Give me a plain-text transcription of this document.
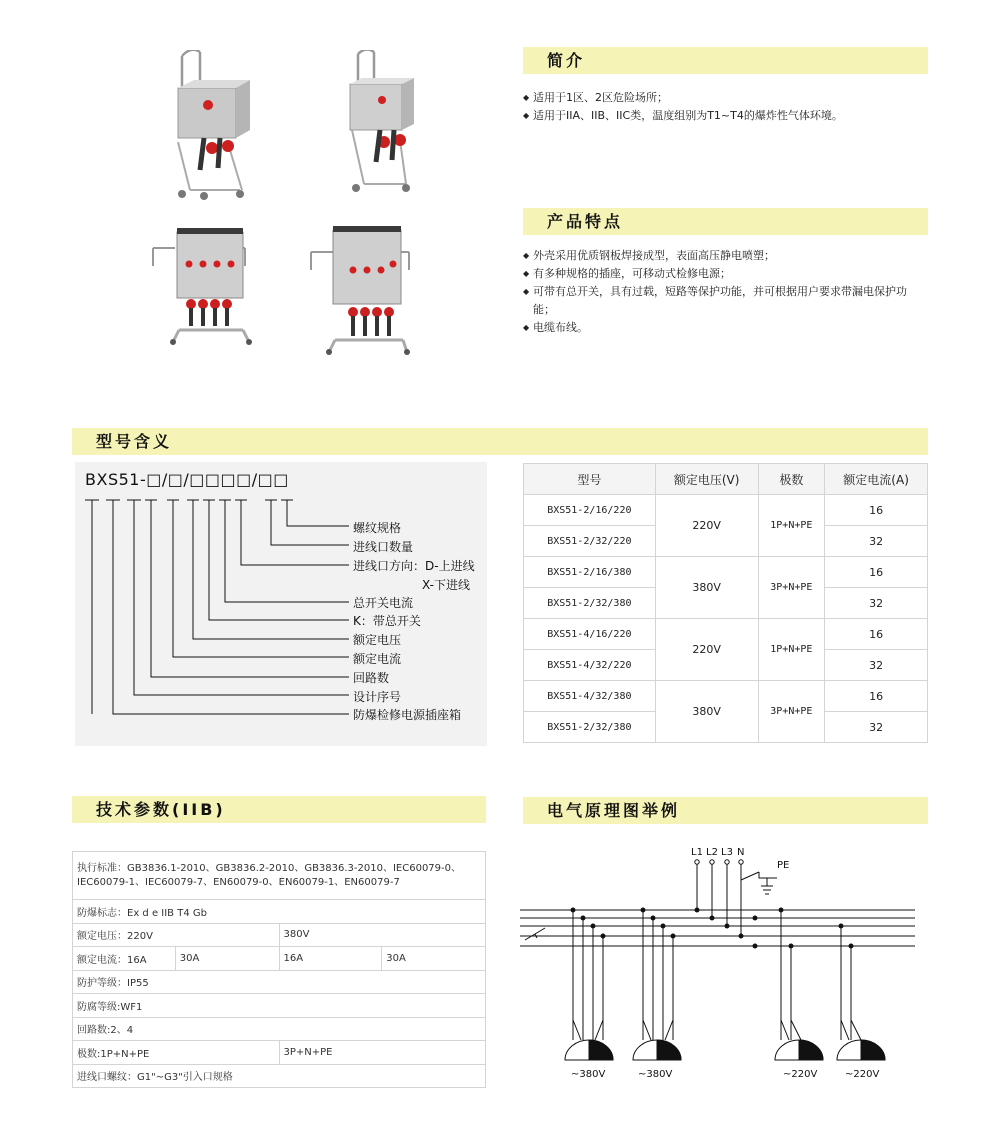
简介
◆ 适用于1区、2区危险场所；
◆ 适用于IIA、IIB、IIC类，温度组别为T1~T4的爆炸性气体环境。
产品特点
◆ 外壳采用优质钢板焊接成型，表面高压静电喷塑；
◆ 有多种规格的插座，可移动式检修电源；
◆ 可带有总开关，具有过载，短路等保护功能，并可根据用户要求带漏电保护功能；
◆ 电缆布线。
型号含义
BXS51-□/□/□□□□/□□
螺纹规格
进线口数量
进线口方向：D-上进线
X-下进线
总开关电流
K：带总开关
额定电压
额定电流
回路数
设计序号
防爆检修电源插座箱
型号	额定电压(V)	极数	额定电流(A)
BXS51-2/16/220	220V	1P+N+PE	16
BXS51-2/32/220			32
BXS51-2/16/380	380V	3P+N+PE	16
BXS51-2/32/380			32
BXS51-4/16/220	220V	1P+N+PE	16
BXS51-4/32/220			32
BXS51-4/32/380	380V	3P+N+PE	16
BXS51-2/32/380			32
技术参数(IIB)
执行标准：GB3836.1-2010、GB3836.2-2010、GB3836.3-2010、IEC60079-0、IEC60079-1、IEC60079-7、EN60079-0、EN60079-1、EN60079-7			
防爆标志：Ex d e IIB T4 Gb			
额定电压：220V		380V	
额定电流：16A	30A	16A	30A
防护等级：IP55			
防腐等级:WF1			
回路数:2、4			
极数:1P+N+PE		3P+N+PE	
进线口螺纹：G1"~G3"引入口规格			
电气原理图举例
L1 L2 L3 N
PE
~380V	~380V	~220V	~220V
